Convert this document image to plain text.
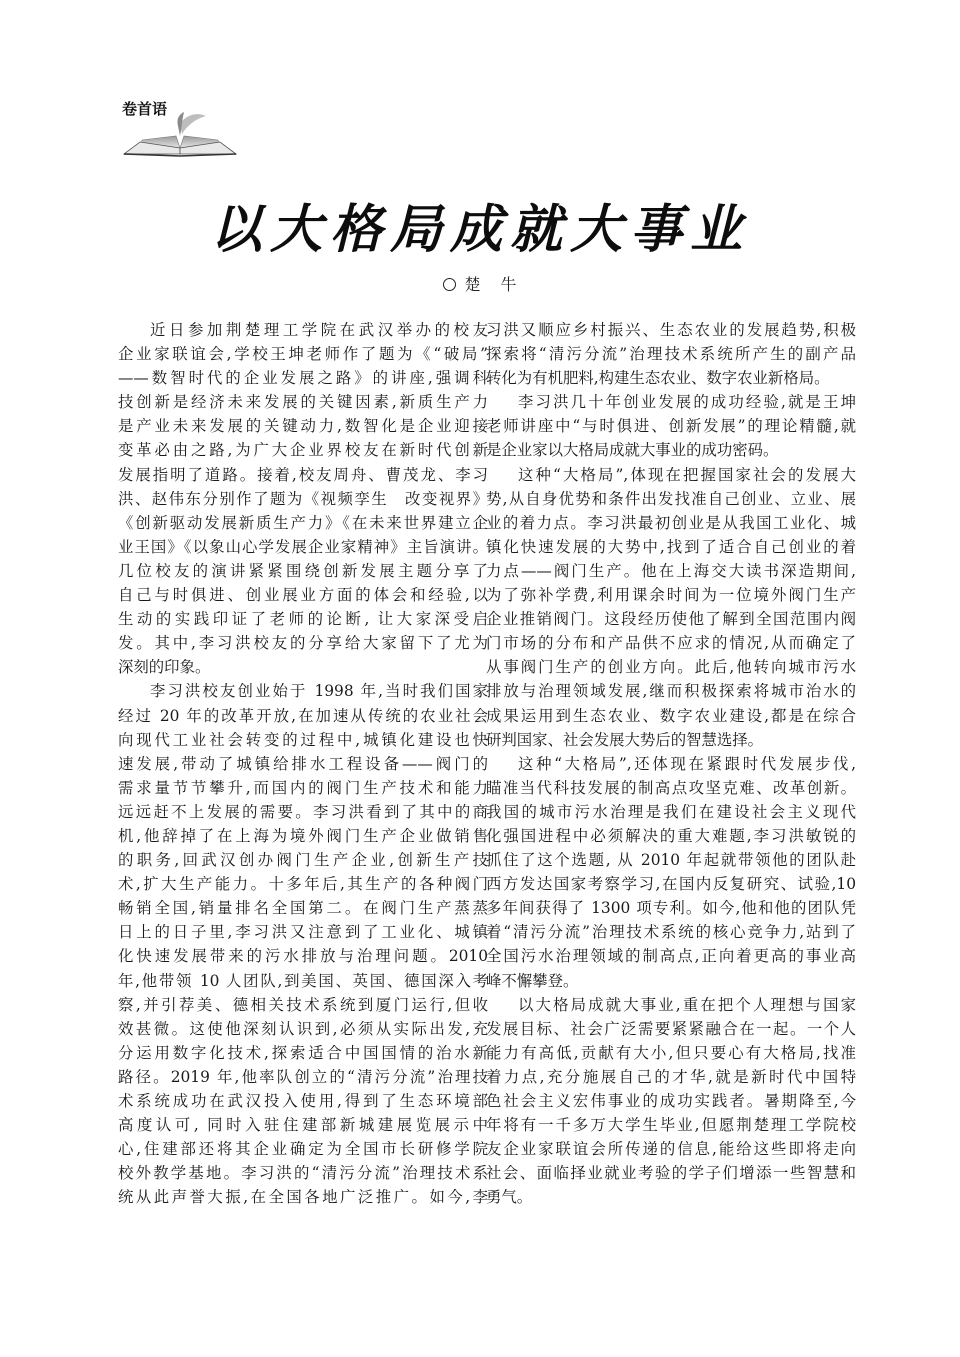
卷首语
以大格局成就大事业
楚 牛
近日参加荆楚理工学院在武汉举办的校友
企业家联谊会,学校王坤老师作了题为《“破局”
——数智时代的企业发展之路》的讲座,强调科
技创新是经济未来发展的关键因素,新质生产力
是产业未来发展的关键动力,数智化是企业迎接
变革必由之路,为广大企业界校友在新时代创新
发展指明了道路。接着,校友周舟、曹茂龙、李习
洪、赵伟东分别作了题为《视频孪生　改变视界》
《创新驱动发展新质生产力》《在未来世界建立企
业王国》《以象山心学发展企业家精神》主旨演讲。
几位校友的演讲紧紧围绕创新发展主题分享了
自己与时俱进、创业展业方面的体会和经验,以
生动的实践印证了老师的论断, 让大家深受启
发。其中,李习洪校友的分享给大家留下了尤为
深刻的印象。
李习洪校友创业始于 1998 年,当时我们国家
经过 20 年的改革开放,在加速从传统的农业社会
向现代工业社会转变的过程中,城镇化建设也快
速发展,带动了城镇给排水工程设备——阀门的
需求量节节攀升,而国内的阀门生产技术和能力
远远赶不上发展的需要。李习洪看到了其中的商
机,他辞掉了在上海为境外阀门生产企业做销售
的职务,回武汉创办阀门生产企业,创新生产技
术,扩大生产能力。十多年后,其生产的各种阀门
畅销全国,销量排名全国第二。在阀门生产蒸蒸
日上的日子里,李习洪又注意到了工业化、城镇
化快速发展带来的污水排放与治理问题。2010
年,他带领 10 人团队,到美国、英国、德国深入考
察,并引荐美、德相关技术系统到厦门运行,但收
效甚微。这使他深刻认识到,必须从实际出发,充
分运用数字化技术,探索适合中国国情的治水新
路径。2019 年,他率队创立的“清污分流”治理技
术系统成功在武汉投入使用,得到了生态环境部
高度认可, 同时入驻住建部新城建展览展示中
心,住建部还将其企业确定为全国市长研修学院
校外教学基地。李习洪的“清污分流”治理技术系
统从此声誉大振,在全国各地广泛推广。如今,李
习洪又顺应乡村振兴、生态农业的发展趋势,积极
探索将“清污分流”治理技术系统所产生的副产品
转化为有机肥料,构建生态农业、数字农业新格局。
李习洪几十年创业发展的成功经验,就是王坤
老师讲座中“与时俱进、创新发展”的理论精髓,就
是企业家以大格局成就大事业的成功密码。
这种“大格局”,体现在把握国家社会的发展大
势,从自身优势和条件出发找准自己创业、立业、展
业的着力点。李习洪最初创业是从我国工业化、城
镇化快速发展的大势中,找到了适合自己创业的着
力点——阀门生产。他在上海交大读书深造期间,
为了弥补学费,利用课余时间为一位境外阀门生产
企业推销阀门。这段经历使他了解到全国范围内阀
门市场的分布和产品供不应求的情况,从而确定了
从事阀门生产的创业方向。此后,他转向城市污水
排放与治理领域发展,继而积极探索将城市治水的
成果运用到生态农业、数字农业建设,都是在综合
研判国家、社会发展大势后的智慧选择。
这种“大格局”,还体现在紧跟时代发展步伐,
瞄准当代科技发展的制高点攻坚克难、改革创新。
我国的城市污水治理是我们在建设社会主义现代
化强国进程中必须解决的重大难题,李习洪敏锐的
抓住了这个选题, 从 2010 年起就带领他的团队赴
西方发达国家考察学习,在国内反复研究、试验,10
多年间获得了 1300 项专利。如今,他和他的团队凭
着“清污分流”治理技术系统的核心竞争力,站到了
全国污水治理领域的制高点,正向着更高的事业高
峰不懈攀登。
以大格局成就大事业,重在把个人理想与国家
发展目标、社会广泛需要紧紧融合在一起。一个人
能力有高低,贡献有大小,但只要心有大格局,找准
着力点,充分施展自己的才华,就是新时代中国特
色社会主义宏伟事业的成功实践者。暑期降至,今
年将有一千多万大学生毕业,但愿荆楚理工学院校
友企业家联谊会所传递的信息,能给这些即将走向
社会、面临择业就业考验的学子们增添一些智慧和
勇气。
